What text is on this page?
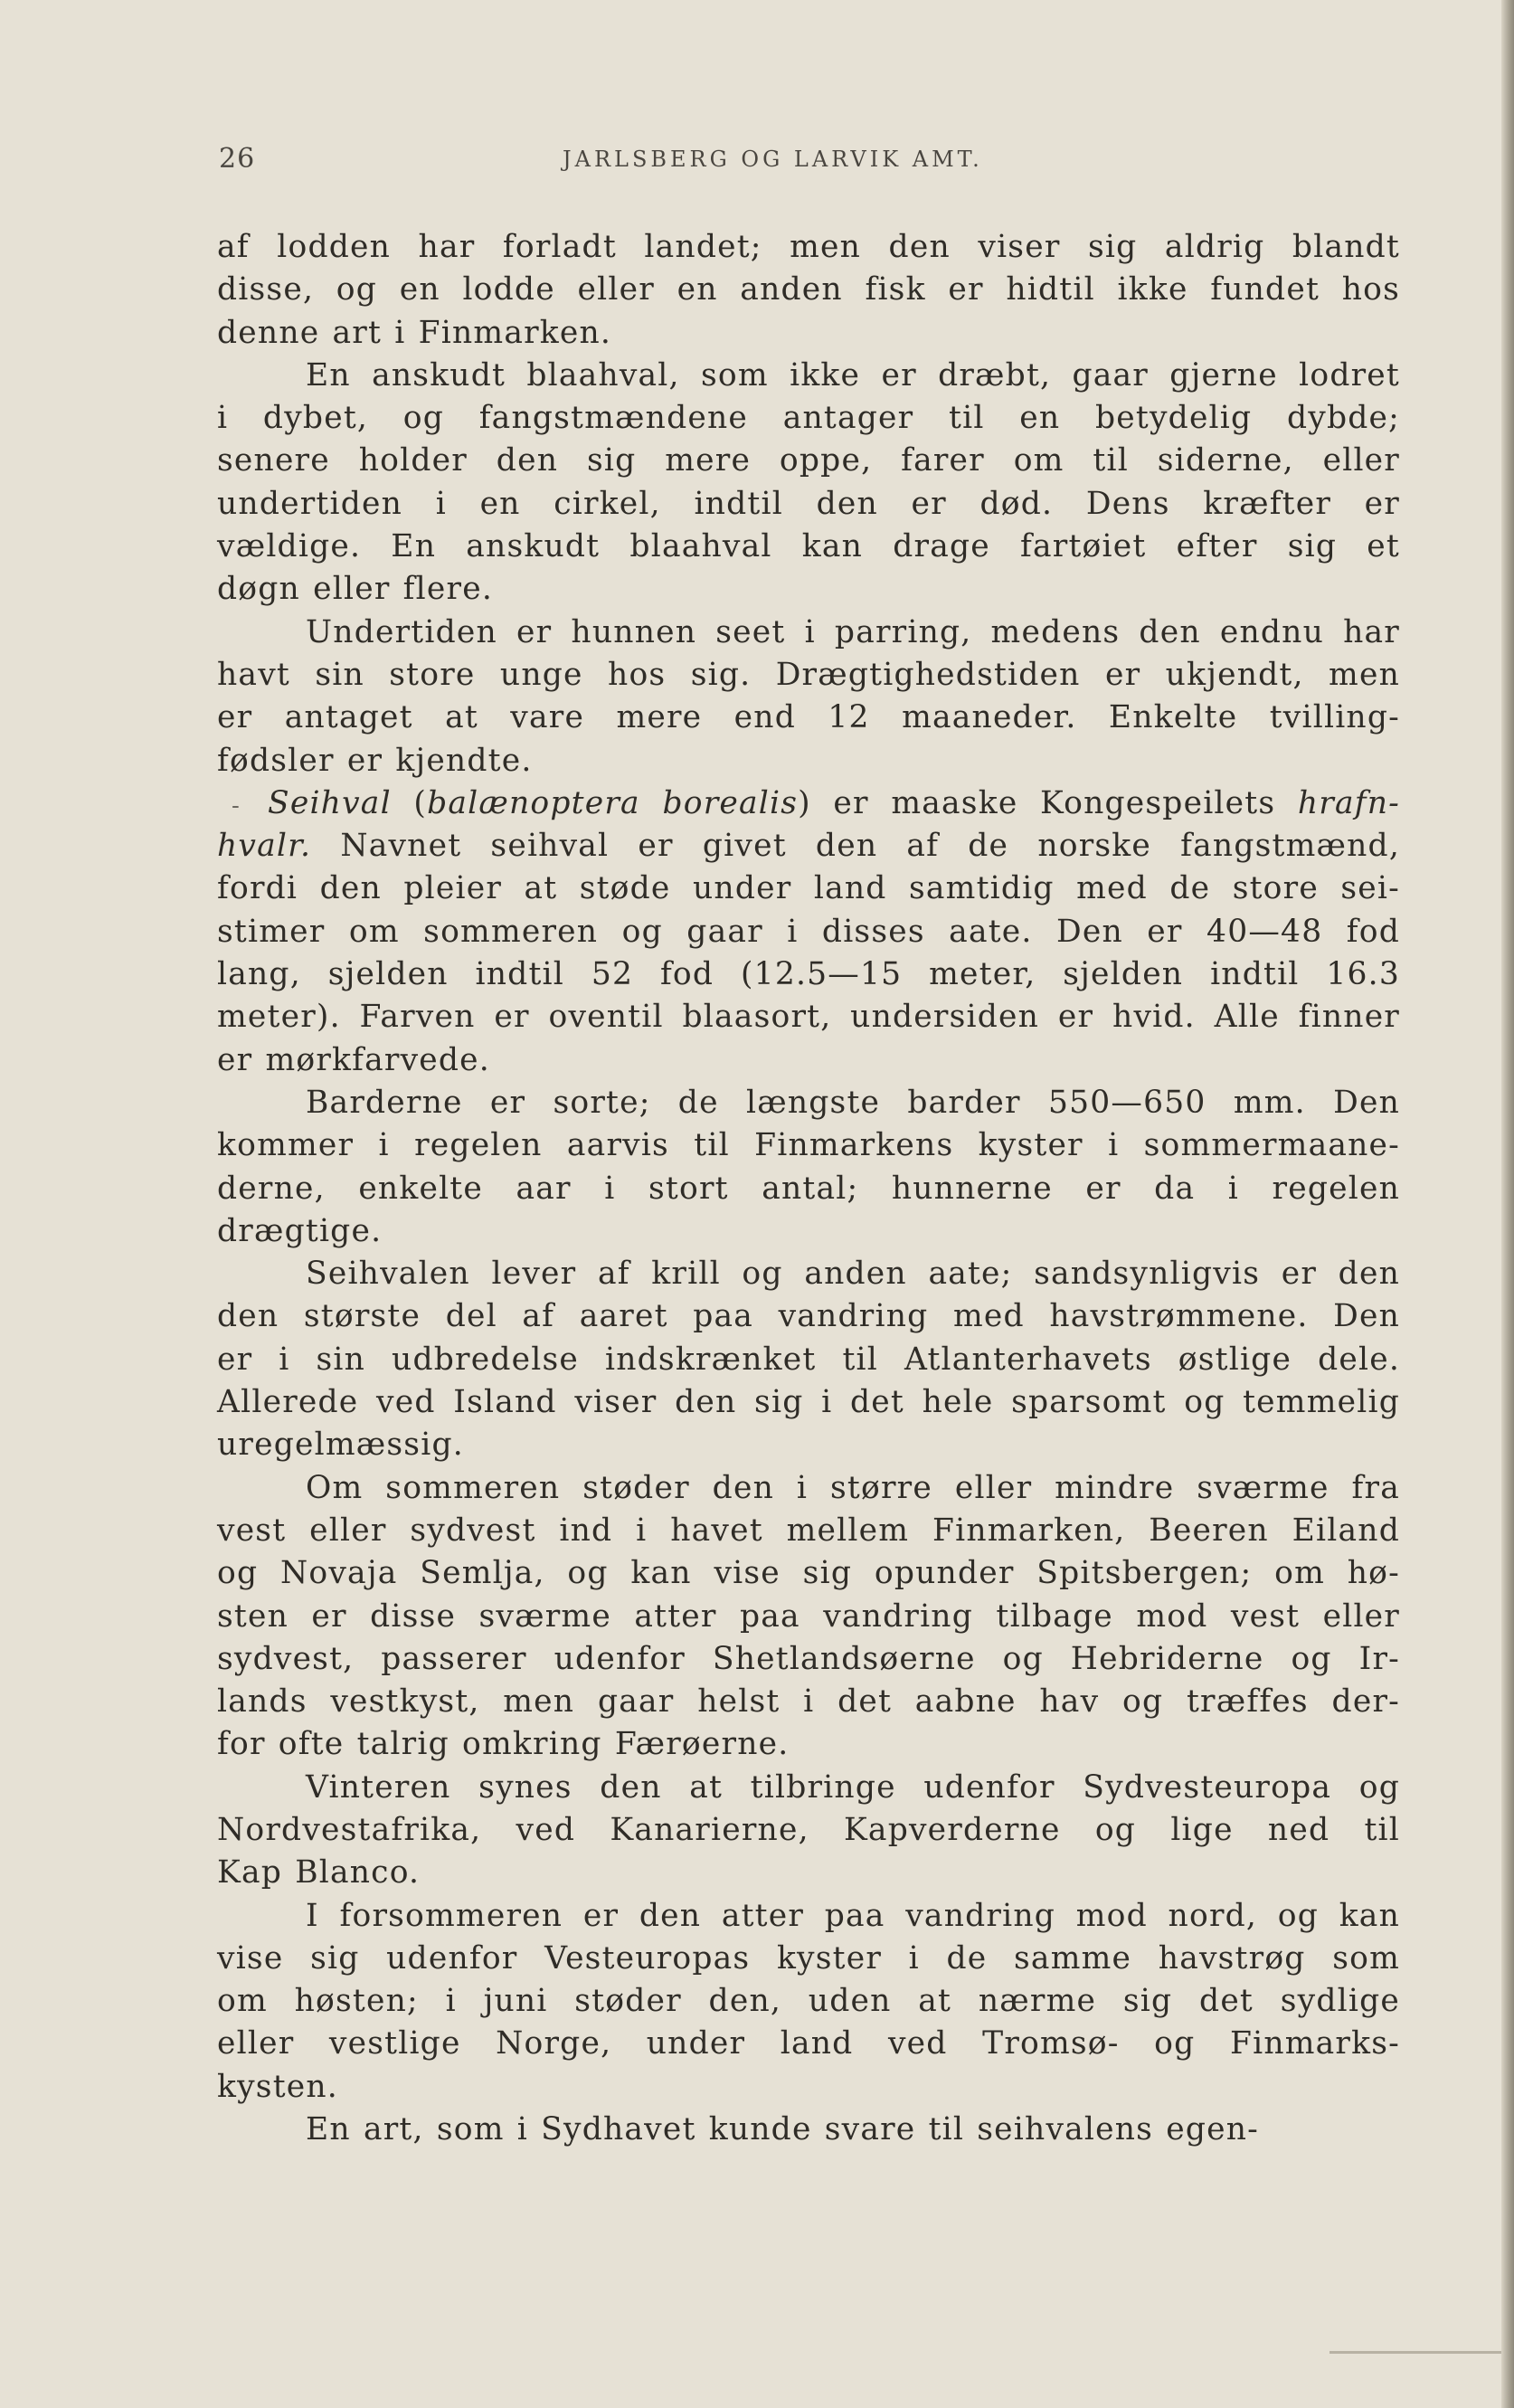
26	JARLSBERG OG LARVIK AMT.
af lodden har forladt landet; men den viser sig aldrig blandt
disse, og en lodde eller en anden fisk er hidtil ikke fundet hos
denne art i Finmarken.
En anskudt blaahval, som ikke er dræbt, gaar gjerne lodret
i dybet, og fangstmændene antager til en betydelig dybde;
senere holder den sig mere oppe, farer om til siderne, eller
undertiden i en cirkel, indtil den er død. Dens kræfter er
vældige. En anskudt blaahval kan drage fartøiet efter sig et
døgn eller flere.
Undertiden er hunnen seet i parring, medens den endnu har
havt sin store unge hos sig. Drægtighedstiden er ukjendt, men
er antaget at vare mere end 12 maaneder. Enkelte tvilling-
fødsler er kjendte.
- Seihval (balænoptera borealis) er maaske Kongespeilets hrafn-
hvalr. Navnet seihval er givet den af de norske fangstmænd,
fordi den pleier at støde under land samtidig med de store sei-
stimer om sommeren og gaar i disses aate. Den er 40—48 fod
lang, sjelden indtil 52 fod (12.5—15 meter, sjelden indtil 16.3
meter). Farven er oventil blaasort, undersiden er hvid. Alle finner
er mørkfarvede.
Barderne er sorte; de længste barder 550—650 mm. Den
kommer i regelen aarvis til Finmarkens kyster i sommermaane-
derne, enkelte aar i stort antal; hunnerne er da i regelen
drægtige.
Seihvalen lever af krill og anden aate; sandsynligvis er den
den største del af aaret paa vandring med havstrømmene. Den
er i sin udbredelse indskrænket til Atlanterhavets østlige dele.
Allerede ved Island viser den sig i det hele sparsomt og temmelig
uregelmæssig.
Om sommeren støder den i større eller mindre sværme fra
vest eller sydvest ind i havet mellem Finmarken, Beeren Eiland
og Novaja Semlja, og kan vise sig opunder Spitsbergen; om hø-
sten er disse sværme atter paa vandring tilbage mod vest eller
sydvest, passerer udenfor Shetlandsøerne og Hebriderne og Ir-
lands vestkyst, men gaar helst i det aabne hav og træffes der-
for ofte talrig omkring Færøerne.
Vinteren synes den at tilbringe udenfor Sydvesteuropa og
Nordvestafrika, ved Kanarierne, Kapverderne og lige ned til
Kap Blanco.
I forsommeren er den atter paa vandring mod nord, og kan
vise sig udenfor Vesteuropas kyster i de samme havstrøg som
om høsten; i juni støder den, uden at nærme sig det sydlige
eller vestlige Norge, under land ved Tromsø- og Finmarks-
kysten.
En art, som i Sydhavet kunde svare til seihvalens egen-
